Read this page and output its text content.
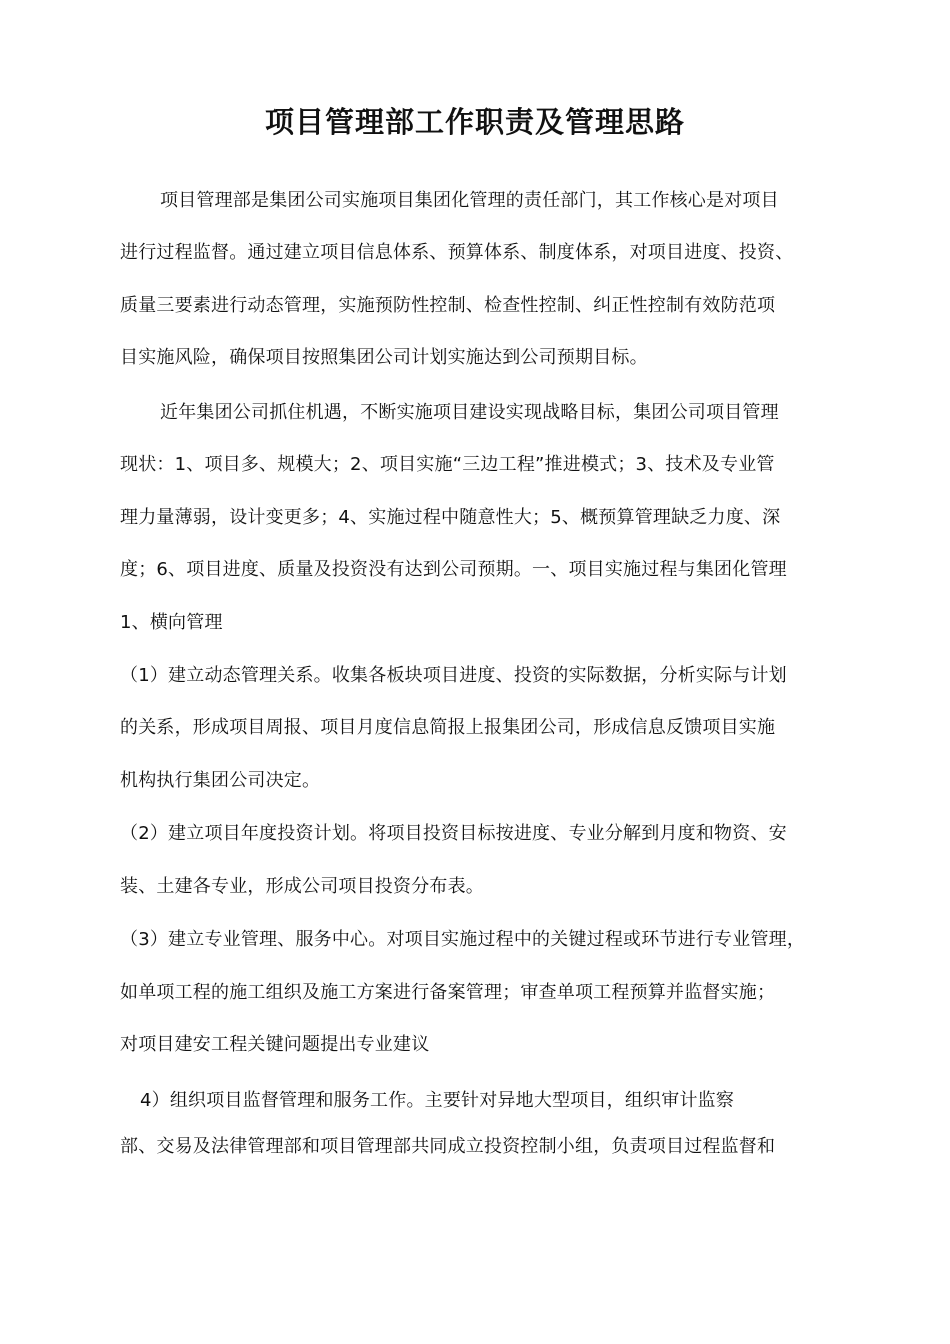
项目管理部工作职责及管理思路
项目管理部是集团公司实施项目集团化管理的责任部门，其工作核心是对项目
进行过程监督。通过建立项目信息体系、预算体系、制度体系，对项目进度、投资、
质量三要素进行动态管理，实施预防性控制、检查性控制、纠正性控制有效防范项
目实施风险，确保项目按照集团公司计划实施达到公司预期目标。
近年集团公司抓住机遇，不断实施项目建设实现战略目标，集团公司项目管理
现状：1、项目多、规模大；2、项目实施“三边工程”推进模式；3、技术及专业管
理力量薄弱，设计变更多；4、实施过程中随意性大；5、概预算管理缺乏力度、深
度；6、项目进度、质量及投资没有达到公司预期。一、项目实施过程与集团化管理
1、横向管理
（1）建立动态管理关系。收集各板块项目进度、投资的实际数据，分析实际与计划
的关系，形成项目周报、项目月度信息简报上报集团公司，形成信息反馈项目实施
机构执行集团公司决定。
（2）建立项目年度投资计划。将项目投资目标按进度、专业分解到月度和物资、安
装、土建各专业，形成公司项目投资分布表。
（3）建立专业管理、服务中心。对项目实施过程中的关键过程或环节进行专业管理，
如单项工程的施工组织及施工方案进行备案管理；审查单项工程预算并监督实施；
对项目建安工程关键问题提出专业建议
4）组织项目监督管理和服务工作。主要针对异地大型项目，组织审计监察
部、交易及法律管理部和项目管理部共同成立投资控制小组，负责项目过程监督和
